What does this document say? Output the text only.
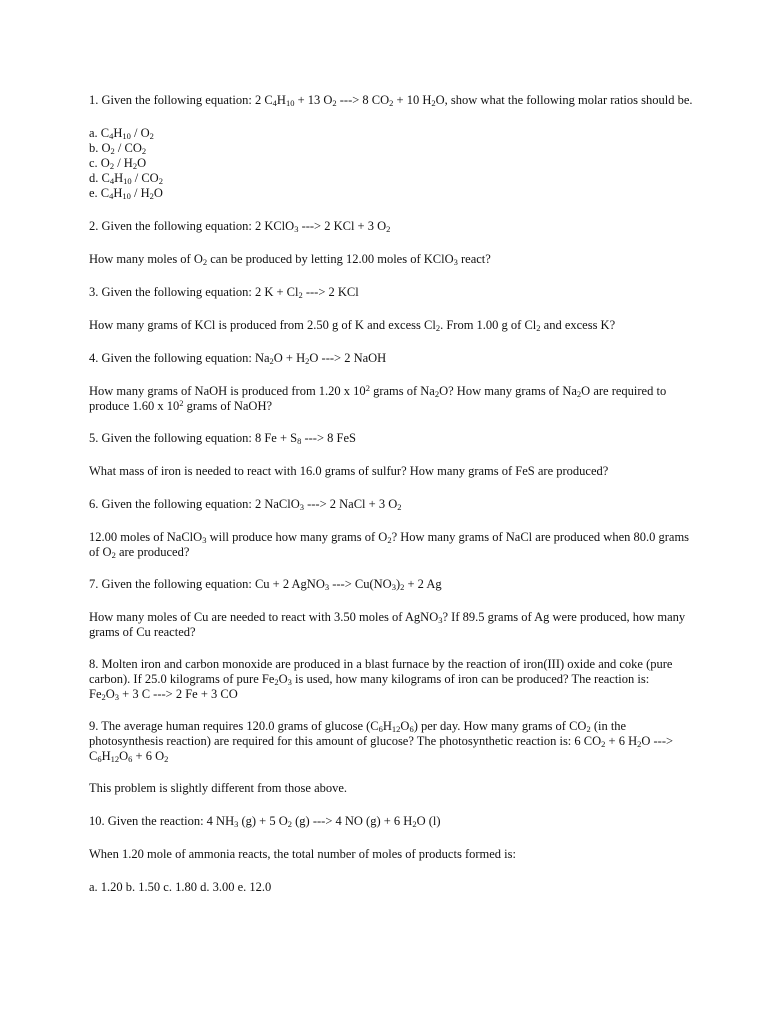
1. Given the following equation: 2 $C_4H_{10} + 13$ $O_2$ ---> 8 $CO_2 + 10$ $H_2O$, show what the following molar ratios should be.

a. $C_4H_{10} / O_2$
b. $O_2 / CO_2$
c. $O_2 / H_2O$
d. $C_4H_{10} / CO_2$
e. $C_4H_{10} / H_2O$

2. Given the following equation: 2 KClO$_3$ ---> 2 KCl + 3 $O_2$

How many moles of $O_2$ can be produced by letting 12.00 moles of KClO$_3$ react?

3. Given the following equation: 2 $K + Cl_2$ ---> 2 KCl

How many grams of KCl is produced from 2.50 g of K and excess $Cl_2$. From 1.00 g of $Cl_2$ and excess K?

4. Given the following equation: $Na_2O + H_2O$ ---> 2 NaOH

How many grams of NaOH is produced from 1.20 x $10^2$ grams of $Na_2O$? How many grams of $Na_2O$ are required to produce 1.60 x $10^2$ grams of NaOH?

5. Given the following equation: 8 $Fe + S_8$ ---> 8 FeS

What mass of iron is needed to react with 16.0 grams of sulfur? How many grams of FeS are produced?

6. Given the following equation: 2 NaClO$_3$ ---> 2 NaCl + 3 $O_2$

12.00 moles of NaClO$_3$ will produce how many grams of $O_2$? How many grams of NaCl are produced when 80.0 grams of $O_2$ are produced?

7. Given the following equation: Cu + 2 AgNO$_3$ ---> $Cu(NO_3)_2 + 2$ Ag

How many moles of Cu are needed to react with 3.50 moles of AgNO$_3$? If 89.5 grams of Ag were produced, how many grams of Cu reacted?

8. Molten iron and carbon monoxide are produced in a blast furnace by the reaction of iron(III) oxide and coke (pure carbon). If 25.0 kilograms of pure $Fe_2O_3$ is used, how many kilograms of iron can be produced? The reaction is:
$Fe_2O_3 + 3$ C ---> 2 Fe + 3 CO

9. The average human requires 120.0 grams of glucose $(C_6H_{12}O_6)$ per day. How many grams of $CO_2$ (in the photosynthesis reaction) are required for this amount of glucose? The photosynthetic reaction is: 6 $CO_2 + 6$ $H_2O$ ---> $C_6H_{12}O_6 + 6$ $O_2$

This problem is slightly different from those above.

10. Given the reaction: 4 $NH_3$ (g) + 5 $O_2$ (g) ---> 4 NO (g) + 6 $H_2O$ (l)

When 1.20 mole of ammonia reacts, the total number of moles of products formed is:

a. 1.20 b. 1.50 c. 1.80 d. 3.00 e. 12.0
